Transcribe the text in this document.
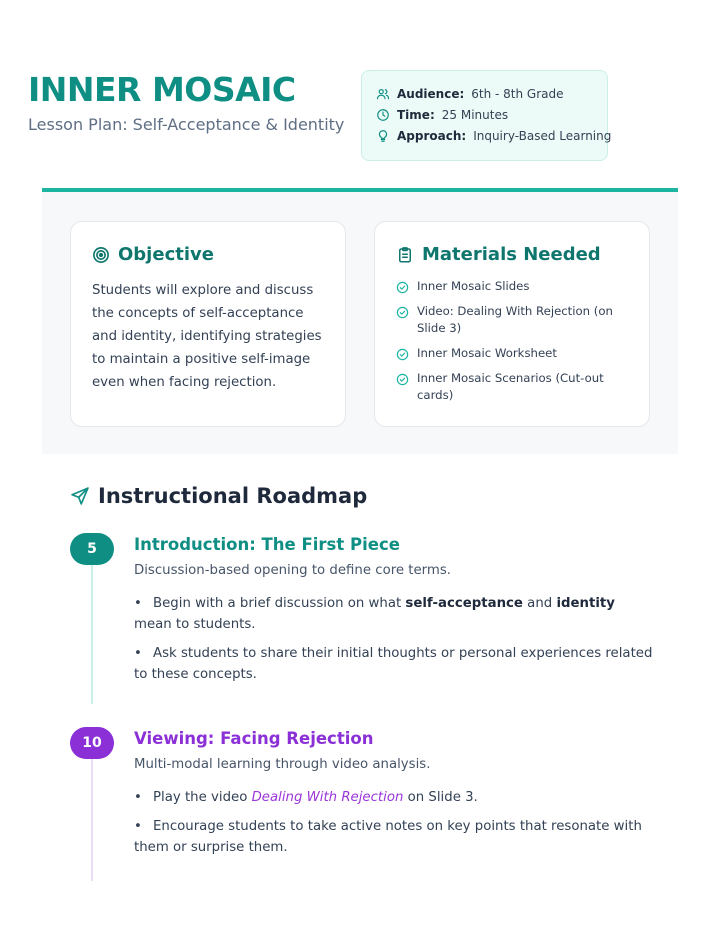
INNER MOSAIC
Lesson Plan: Self-Acceptance & Identity
Audience: 6th - 8th Grade
Time: 25 Minutes
Approach: Inquiry-Based Learning
Objective
Students will explore and discuss the concepts of self-acceptance and identity, identifying strategies to maintain a positive self-image even when facing rejection.
Materials Needed
Inner Mosaic Slides
Video: Dealing With Rejection (on Slide 3)
Inner Mosaic Worksheet
Inner Mosaic Scenarios (Cut-out cards)
Instructional Roadmap
5	Introduction: The First Piece
Discussion-based opening to define core terms.
• Begin with a brief discussion on what self-acceptance and identity mean to students.
• Ask students to share their initial thoughts or personal experiences related to these concepts.
10	Viewing: Facing Rejection
Multi-modal learning through video analysis.
• Play the video Dealing With Rejection on Slide 3.
• Encourage students to take active notes on key points that resonate with them or surprise them.
